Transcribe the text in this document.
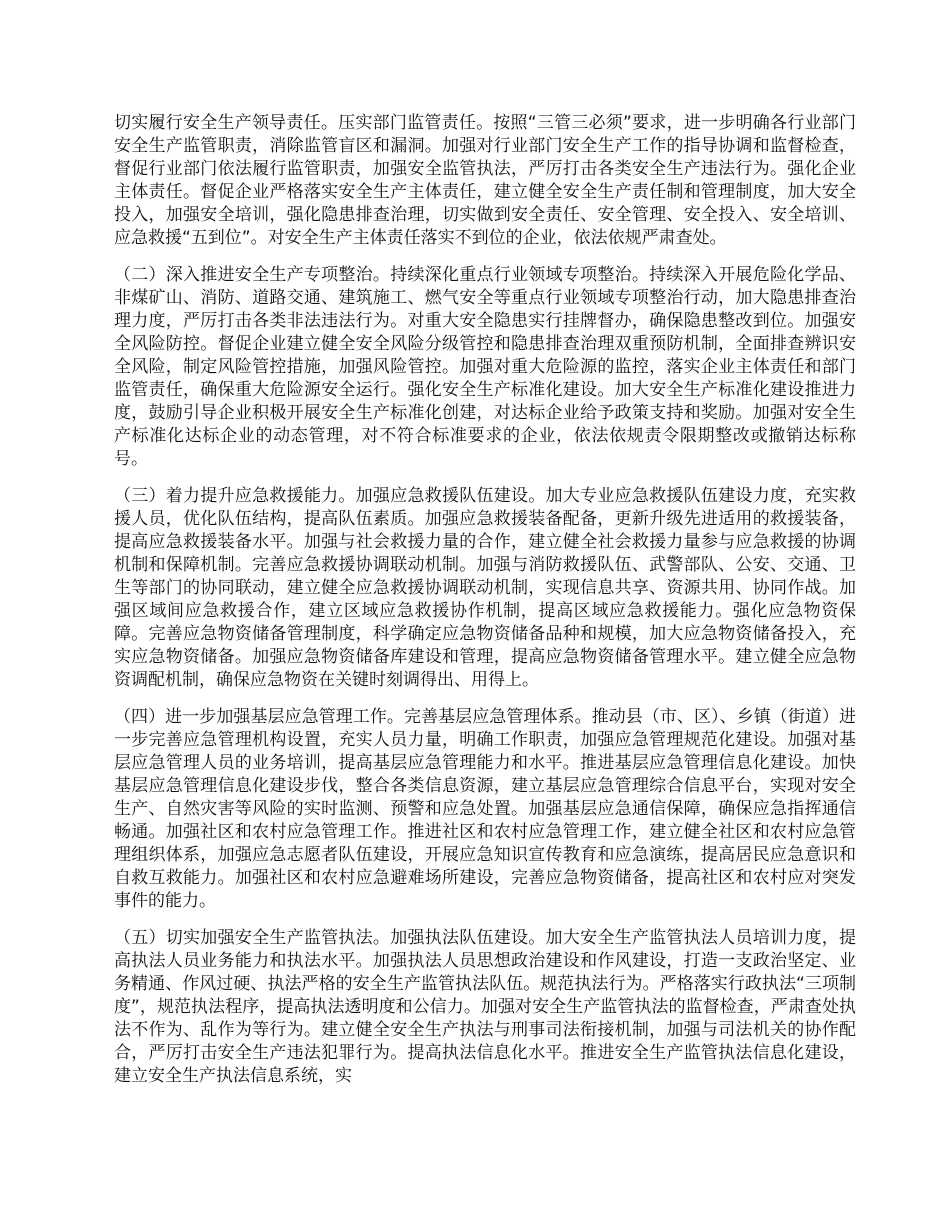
切实履行安全生产领导责任。压实部门监管责任。按照“三管三必须”要求，进一步明确各行业部门安全生产监管职责，消除监管盲区和漏洞。加强对行业部门安全生产工作的指导协调和监督检查，督促行业部门依法履行监管职责，加强安全监管执法，严厉打击各类安全生产违法行为。强化企业主体责任。督促企业严格落实安全生产主体责任，建立健全安全生产责任制和管理制度，加大安全投入，加强安全培训，强化隐患排查治理，切实做到安全责任、安全管理、安全投入、安全培训、应急救援“五到位”。对安全生产主体责任落实不到位的企业，依法依规严肃查处。

（二）深入推进安全生产专项整治。持续深化重点行业领域专项整治。持续深入开展危险化学品、非煤矿山、消防、道路交通、建筑施工、燃气安全等重点行业领域专项整治行动，加大隐患排查治理力度，严厉打击各类非法违法行为。对重大安全隐患实行挂牌督办，确保隐患整改到位。加强安全风险防控。督促企业建立健全安全风险分级管控和隐患排查治理双重预防机制，全面排查辨识安全风险，制定风险管控措施，加强风险管控。加强对重大危险源的监控，落实企业主体责任和部门监管责任，确保重大危险源安全运行。强化安全生产标准化建设。加大安全生产标准化建设推进力度，鼓励引导企业积极开展安全生产标准化创建，对达标企业给予政策支持和奖励。加强对安全生产标准化达标企业的动态管理，对不符合标准要求的企业，依法依规责令限期整改或撤销达标称号。

（三）着力提升应急救援能力。加强应急救援队伍建设。加大专业应急救援队伍建设力度，充实救援人员，优化队伍结构，提高队伍素质。加强应急救援装备配备，更新升级先进适用的救援装备，提高应急救援装备水平。加强与社会救援力量的合作，建立健全社会救援力量参与应急救援的协调机制和保障机制。完善应急救援协调联动机制。加强与消防救援队伍、武警部队、公安、交通、卫生等部门的协同联动，建立健全应急救援协调联动机制，实现信息共享、资源共用、协同作战。加强区域间应急救援合作，建立区域应急救援协作机制，提高区域应急救援能力。强化应急物资保障。完善应急物资储备管理制度，科学确定应急物资储备品种和规模，加大应急物资储备投入，充实应急物资储备。加强应急物资储备库建设和管理，提高应急物资储备管理水平。建立健全应急物资调配机制，确保应急物资在关键时刻调得出、用得上。

（四）进一步加强基层应急管理工作。完善基层应急管理体系。推动县（市、区）、乡镇（街道）进一步完善应急管理机构设置，充实人员力量，明确工作职责，加强应急管理规范化建设。加强对基层应急管理人员的业务培训，提高基层应急管理能力和水平。推进基层应急管理信息化建设。加快基层应急管理信息化建设步伐，整合各类信息资源，建立基层应急管理综合信息平台，实现对安全生产、自然灾害等风险的实时监测、预警和应急处置。加强基层应急通信保障，确保应急指挥通信畅通。加强社区和农村应急管理工作。推进社区和农村应急管理工作，建立健全社区和农村应急管理组织体系，加强应急志愿者队伍建设，开展应急知识宣传教育和应急演练，提高居民应急意识和自救互救能力。加强社区和农村应急避难场所建设，完善应急物资储备，提高社区和农村应对突发事件的能力。

（五）切实加强安全生产监管执法。加强执法队伍建设。加大安全生产监管执法人员培训力度，提高执法人员业务能力和执法水平。加强执法人员思想政治建设和作风建设，打造一支政治坚定、业务精通、作风过硬、执法严格的安全生产监管执法队伍。规范执法行为。严格落实行政执法“三项制度”，规范执法程序，提高执法透明度和公信力。加强对安全生产监管执法的监督检查，严肃查处执法不作为、乱作为等行为。建立健全安全生产执法与刑事司法衔接机制，加强与司法机关的协作配合，严厉打击安全生产违法犯罪行为。提高执法信息化水平。推进安全生产监管执法信息化建设，建立安全生产执法信息系统，实
